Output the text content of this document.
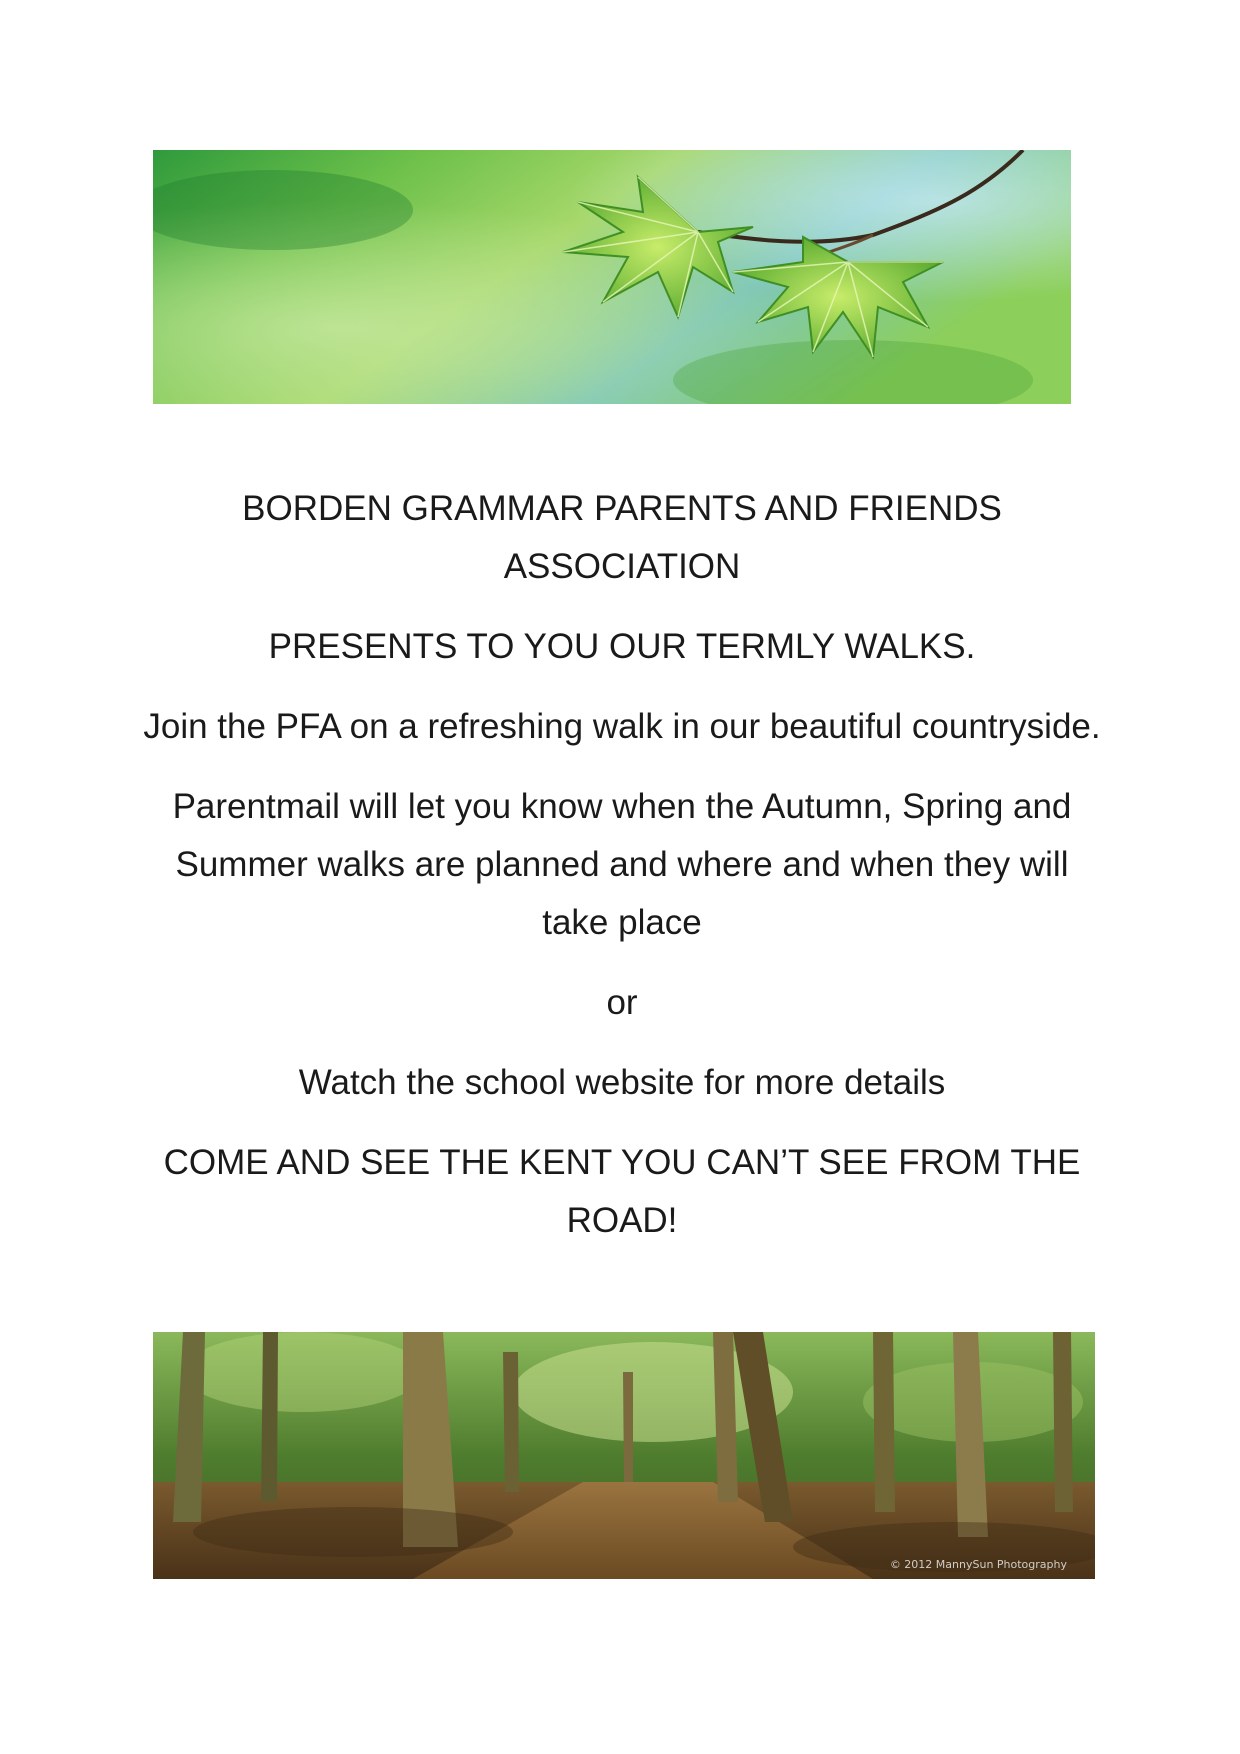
BORDEN GRAMMAR PARENTS AND FRIENDS ASSOCIATION

PRESENTS TO YOU OUR TERMLY WALKS.

Join the PFA on a refreshing walk in our beautiful countryside.

Parentmail will let you know when the Autumn, Spring and Summer walks are planned and where and when they will take place

or

Watch the school website for more details

COME AND SEE THE KENT YOU CAN’T SEE FROM THE ROAD!

© 2012 MannySun Photography
